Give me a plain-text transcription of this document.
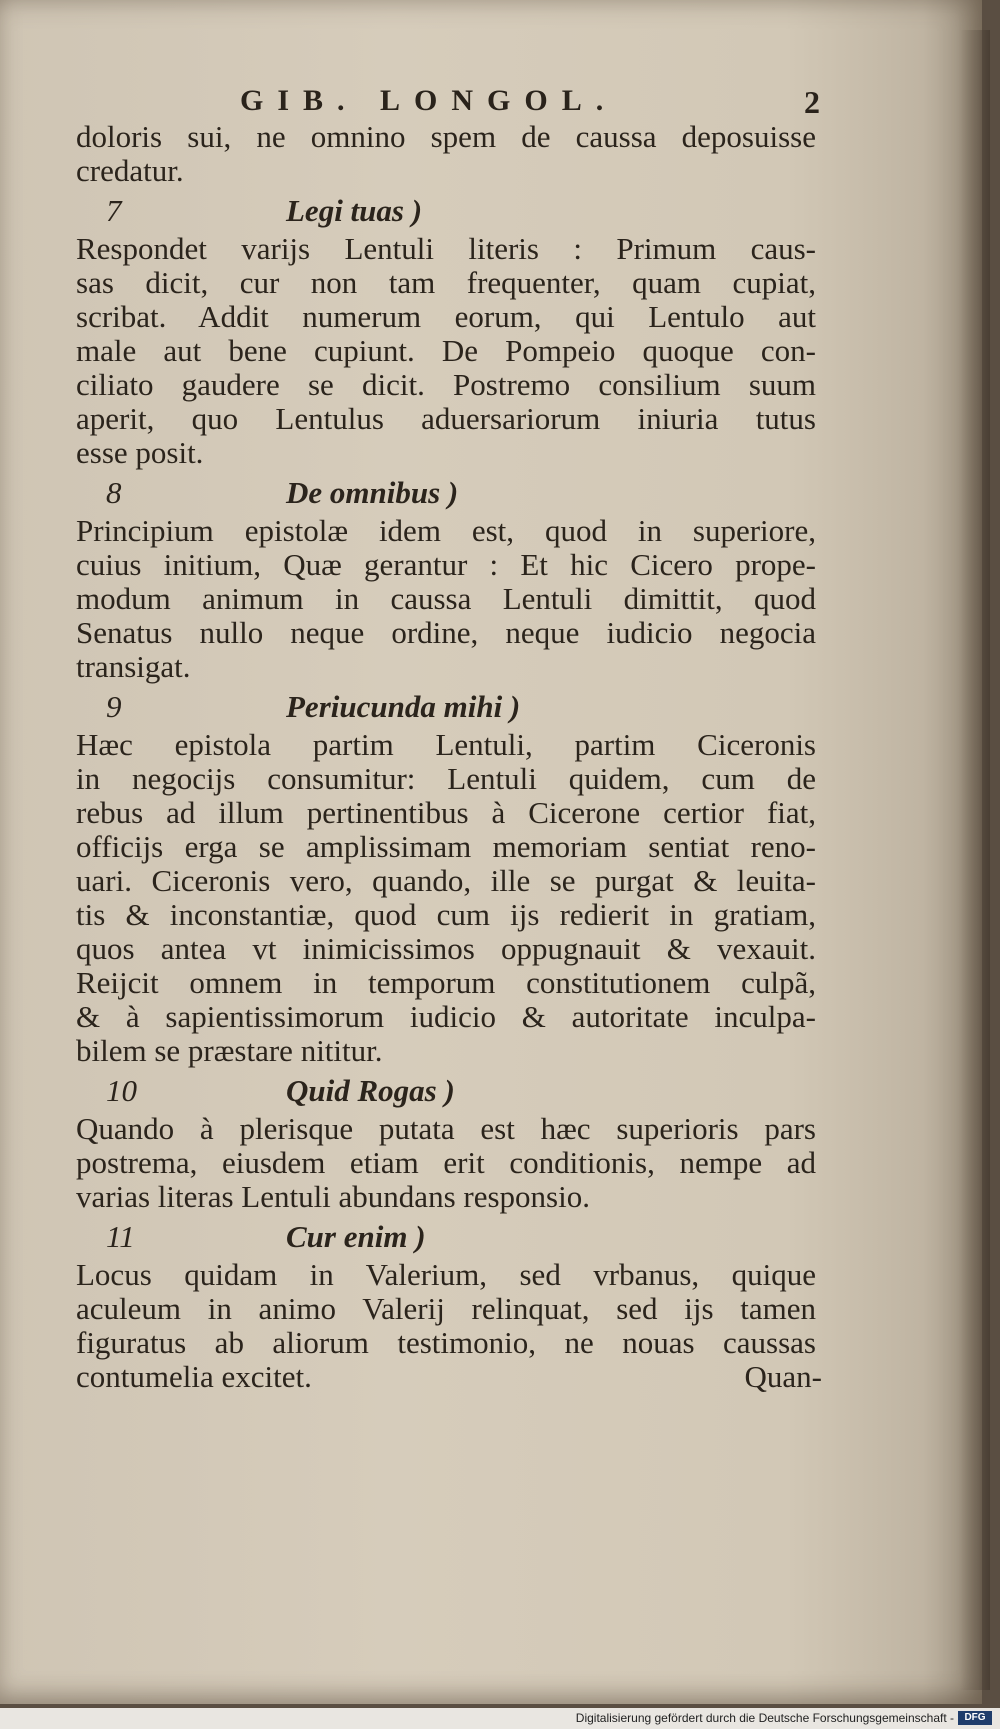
GIB. LONGOL.	2
doloris sui, ne omnino spem de caussa deposuisse
credatur.
7	Legi tuas )
Respondet varijs Lentuli literis : Primum caus-
sas dicit, cur non tam frequenter, quam cupiat,
scribat. Addit numerum eorum, qui Lentulo aut
male aut bene cupiunt. De Pompeio quoque con-
ciliato gaudere se dicit. Postremo consilium suum
aperit, quo Lentulus aduersariorum iniuria tutus
esse posit.
8	De omnibus )
Principium epistolæ idem est, quod in superiore,
cuius initium, Quæ gerantur : Et hic Cicero prope-
modum animum in caussa Lentuli dimittit, quod
Senatus nullo neque ordine, neque iudicio negocia
transigat.
9	Periucunda mihi )
Hæc epistola partim Lentuli, partim Ciceronis
in negocijs consumitur: Lentuli quidem, cum de
rebus ad illum pertinentibus à Cicerone certior fiat,
officijs erga se amplissimam memoriam sentiat reno-
uari. Ciceronis vero, quando, ille se purgat & leuita-
tis & inconstantiæ, quod cum ijs redierit in gratiam,
quos antea vt inimicissimos oppugnauit & vexauit.
Reijcit omnem in temporum constitutionem culpã,
& à sapientissimorum iudicio & autoritate inculpa-
bilem se præstare nititur.
10	Quid Rogas )
Quando à plerisque putata est hæc superioris pars
postrema, eiusdem etiam erit conditionis, nempe ad
varias literas Lentuli abundans responsio.
11	Cur enim )
Locus quidam in Valerium, sed vrbanus, quique
aculeum in animo Valerij relinquat, sed ijs tamen
figuratus ab aliorum testimonio, ne nouas caussas
contumelia excitet.	Quan-
Digitalisierung gefördert durch die Deutsche Forschungsgemeinschaft -	DFG
